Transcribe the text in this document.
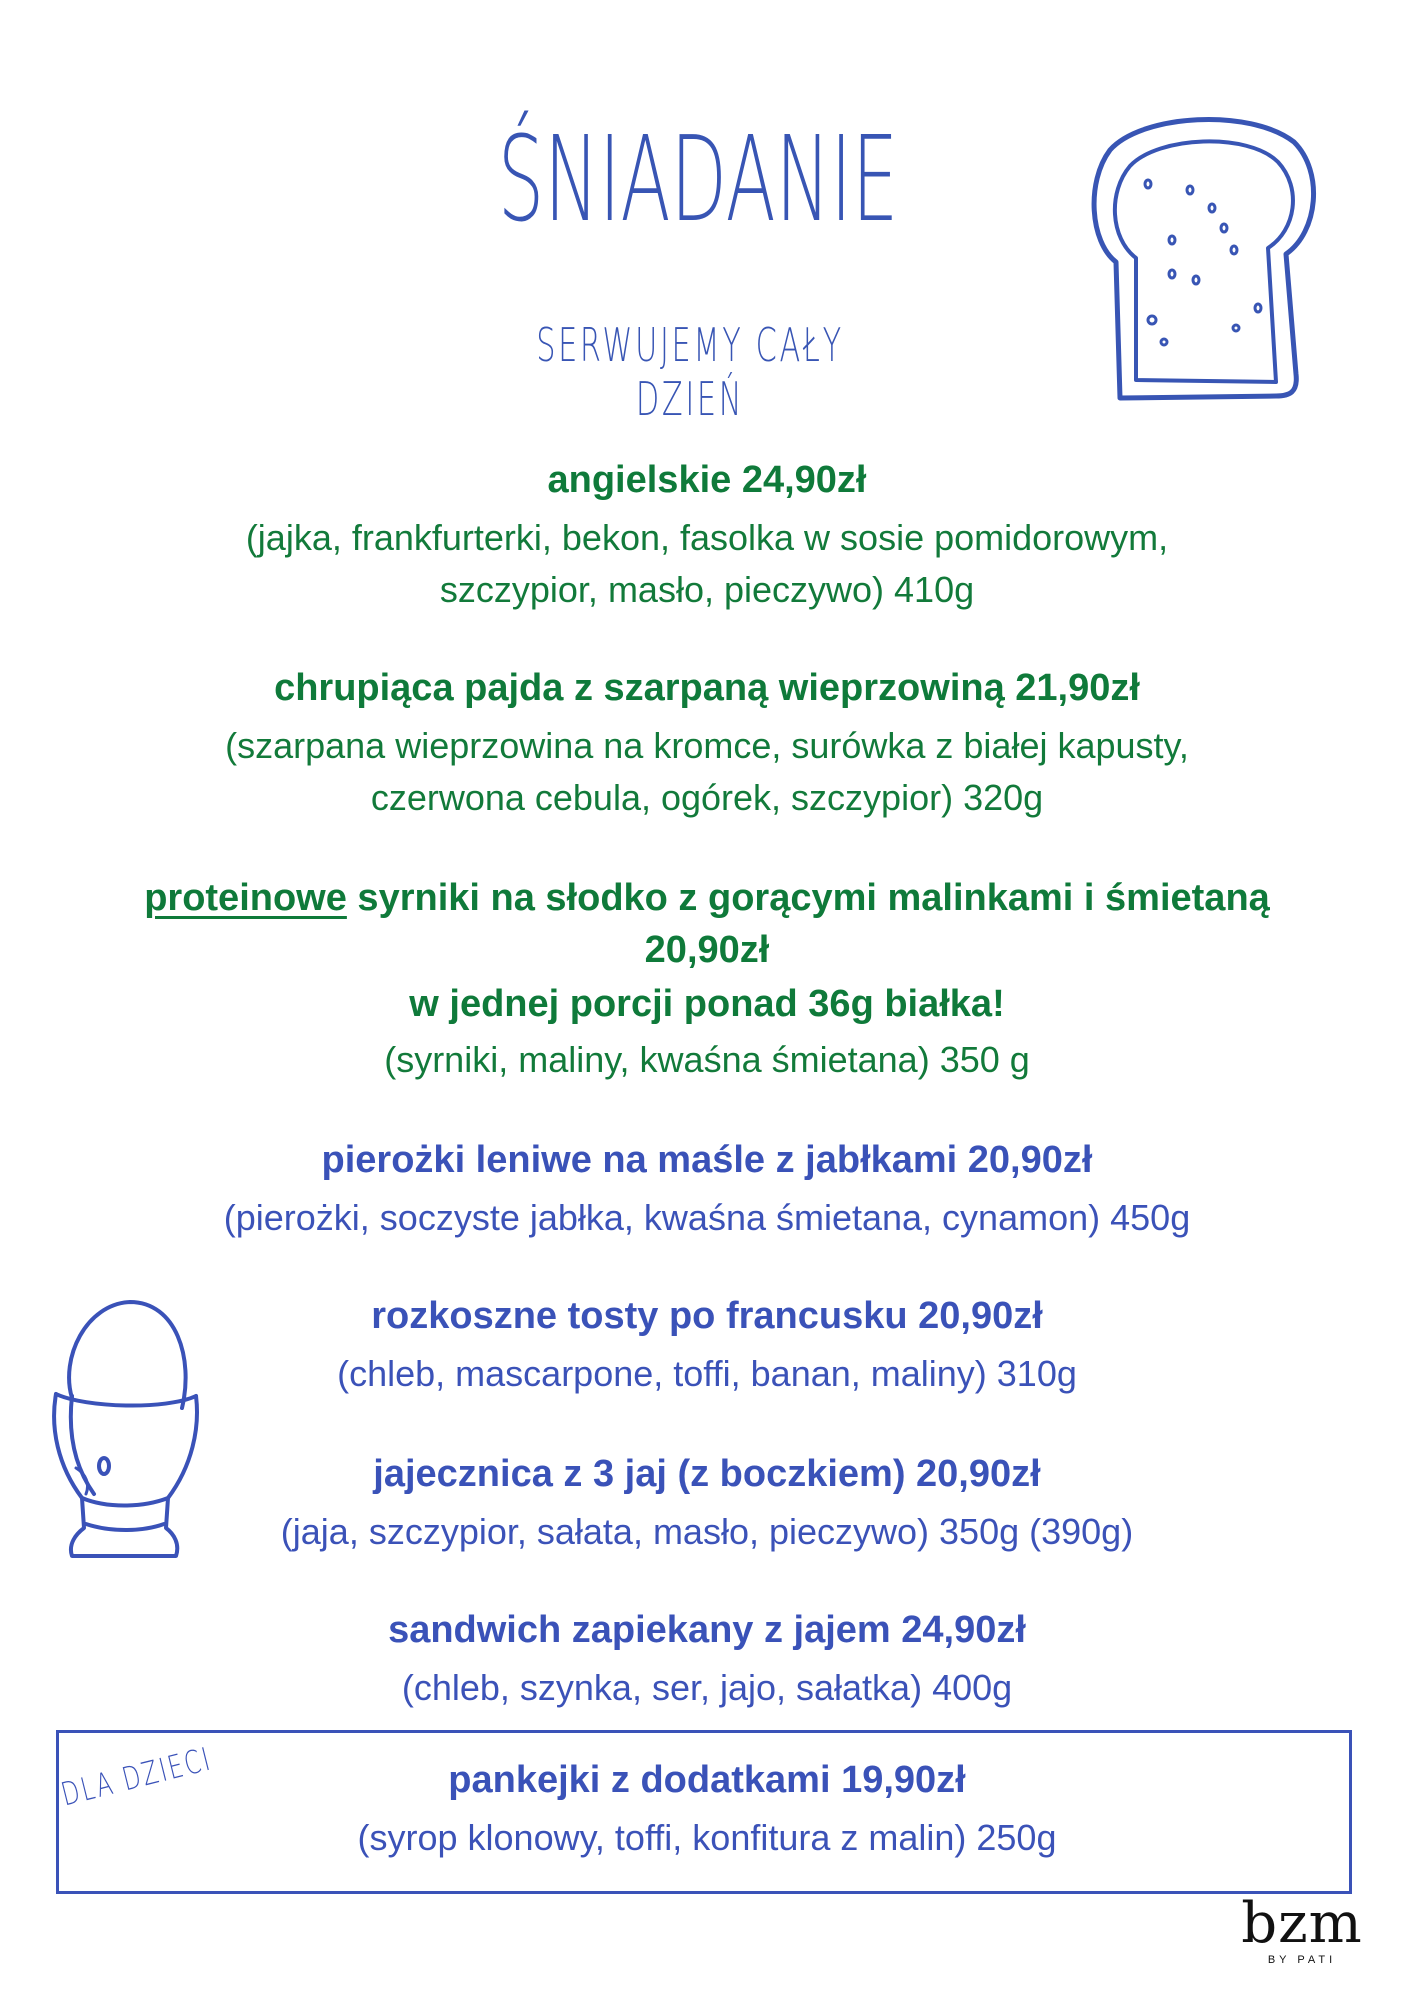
ŚNIADANIE
SERWUJEMY CAŁY DZIEŃ
angielskie 24,90zł
(jajka, frankfurterki, bekon, fasolka w sosie pomidorowym,
szczypior, masło, pieczywo) 410g
chrupiąca pajda z szarpaną wieprzowiną 21,90zł
(szarpana wieprzowina na kromce, surówka z białej kapusty,
czerwona cebula, ogórek, szczypior) 320g
proteinowe syrniki na słodko z gorącymi malinkami i śmietaną
20,90zł
w jednej porcji ponad 36g białka!
(syrniki, maliny, kwaśna śmietana) 350 g
pierożki leniwe na maśle z jabłkami 20,90zł
(pierożki, soczyste jabłka, kwaśna śmietana, cynamon) 450g
rozkoszne tosty po francusku 20,90zł
(chleb, mascarpone, toffi, banan, maliny) 310g
jajecznica z 3 jaj (z boczkiem) 20,90zł
(jaja, szczypior, sałata, masło, pieczywo) 350g (390g)
sandwich zapiekany z jajem 24,90zł
(chleb, szynka, ser, jajo, sałatka) 400g
DLA DZIECI	pankejki z dodatkami 19,90zł
(syrop klonowy, toffi, konfitura z malin) 250g
bzm
BY PATI
